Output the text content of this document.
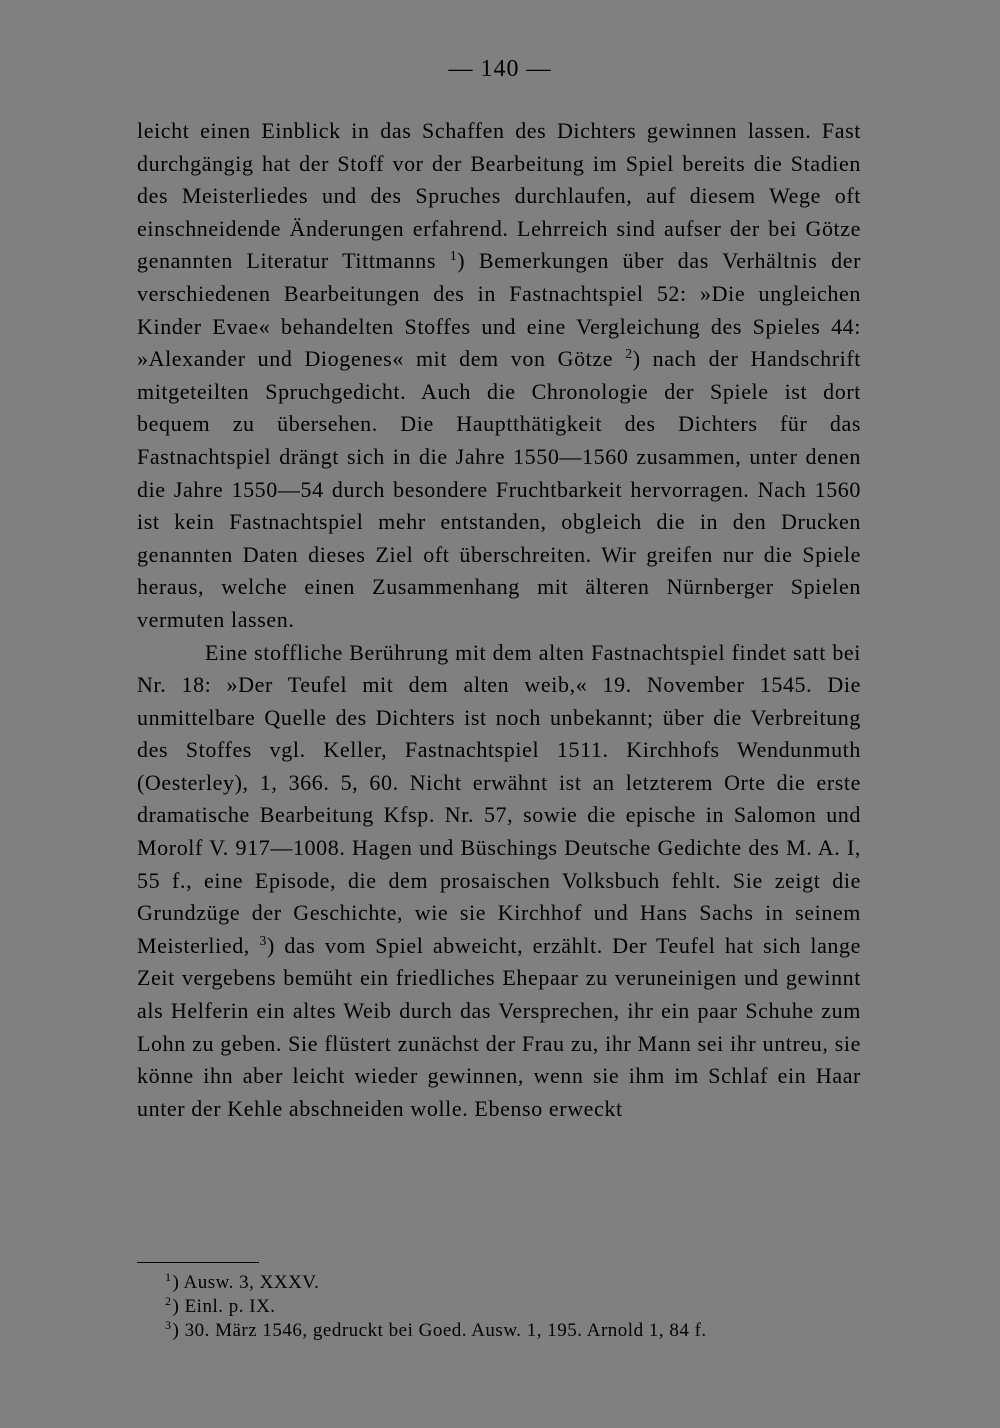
— 140 —

leicht einen Einblick in das Schaffen des Dichters gewinnen lassen. Fast durchgängig hat der Stoff vor der Bearbeitung im Spiel bereits die Stadien des Meisterliedes und des Spruches durchlaufen, auf diesem Wege oft einschneidende Änderungen erfahrend. Lehrreich sind aufser der bei Götze genannten Literatur Tittmanns $^1$) Bemerkungen über das Verhältnis der verschiedenen Bearbeitungen des in Fastnachtspiel 52: »Die ungleichen Kinder Evae« behandelten Stoffes und eine Vergleichung des Spieles 44: »Alexander und Diogenes« mit dem von Götze $^2$) nach der Handschrift mitgeteilten Spruchgedicht. Auch die Chronologie der Spiele ist dort bequem zu übersehen. Die Hauptthätigkeit des Dichters für das Fastnachtspiel drängt sich in die Jahre 1550—1560 zusammen, unter denen die Jahre 1550—54 durch besondere Fruchtbarkeit hervorragen. Nach 1560 ist kein Fastnachtspiel mehr entstanden, obgleich die in den Drucken genannten Daten dieses Ziel oft überschreiten. Wir greifen nur die Spiele heraus, welche einen Zusammenhang mit älteren Nürnberger Spielen vermuten lassen.

Eine stoffliche Berührung mit dem alten Fastnachtspiel findet satt bei Nr. 18: »Der Teufel mit dem alten weib,« 19. November 1545. Die unmittelbare Quelle des Dichters ist noch unbekannt; über die Verbreitung des Stoffes vgl. Keller, Fastnachtspiel 1511. Kirchhofs Wendunmuth (Oesterley), 1, 366. 5, 60. Nicht erwähnt ist an letzterem Orte die erste dramatische Bearbeitung Kfsp. Nr. 57, sowie die epische in Salomon und Morolf V. 917—1008. Hagen und Büschings Deutsche Gedichte des M. A. I, 55 f., eine Episode, die dem prosaischen Volksbuch fehlt. Sie zeigt die Grundzüge der Geschichte, wie sie Kirchhof und Hans Sachs in seinem Meisterlied, $^3$) das vom Spiel abweicht, erzählt. Der Teufel hat sich lange Zeit vergebens bemüht ein friedliches Ehepaar zu veruneinigen und gewinnt als Helferin ein altes Weib durch das Versprechen, ihr ein paar Schuhe zum Lohn zu geben. Sie flüstert zunächst der Frau zu, ihr Mann sei ihr untreu, sie könne ihn aber leicht wieder gewinnen, wenn sie ihm im Schlaf ein Haar unter der Kehle abschneiden wolle. Ebenso erweckt

$^1$) Ausw. 3, XXXV.
$^2$) Einl. p. IX.
$^3$) 30. März 1546, gedruckt bei Goed. Ausw. 1, 195. Arnold 1, 84 f.
